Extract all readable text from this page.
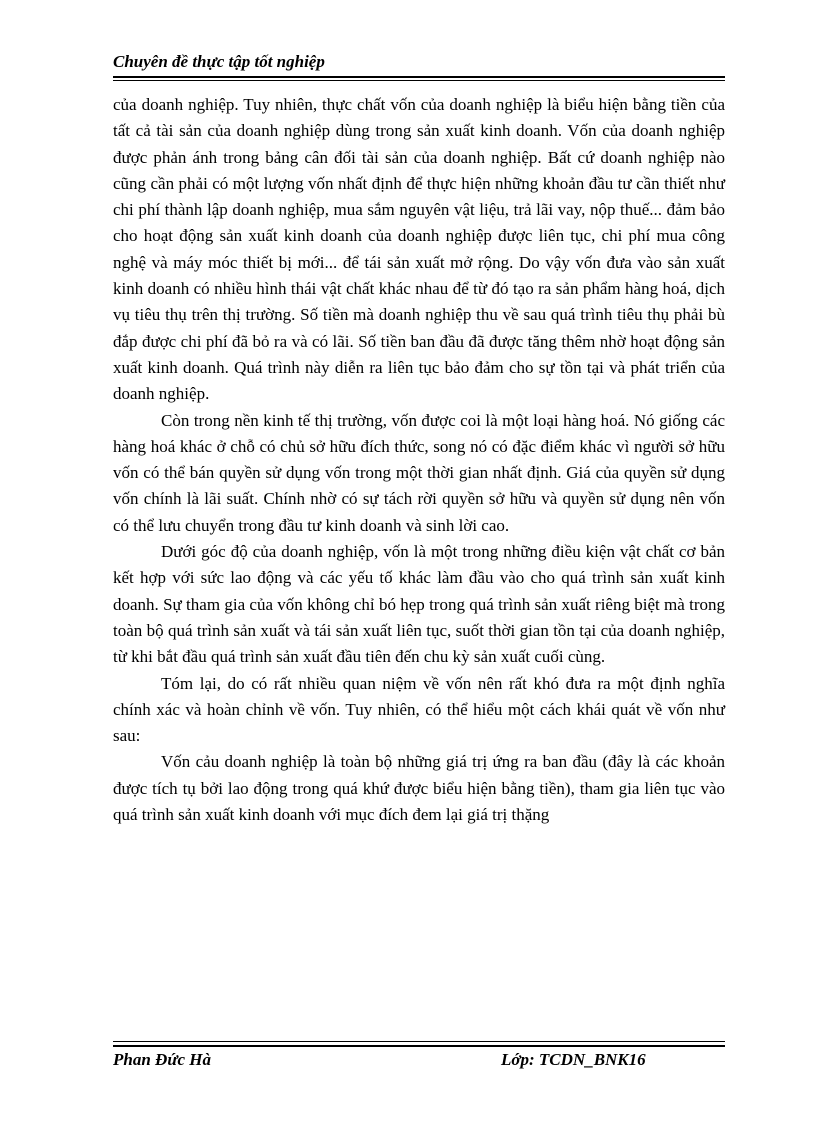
Chuyên đề thực tập tốt nghiệp

của doanh nghiệp. Tuy nhiên, thực chất vốn của doanh nghiệp là biểu hiện bằng tiền của tất cả tài sản của doanh nghiệp dùng trong sản xuất kinh doanh. Vốn của doanh nghiệp được phản ánh trong bảng cân đối tài sản của doanh nghiệp. Bất cứ doanh nghiệp nào cũng cần phải có một lượng vốn nhất định để thực hiện những khoản đầu tư cần thiết như chi phí thành lập doanh nghiệp, mua sắm nguyên vật liệu, trả lãi vay, nộp thuế... đảm bảo cho hoạt động sản xuất kinh doanh của doanh nghiệp được liên tục, chi phí mua công nghệ và máy móc thiết bị mới... để tái sản xuất mở rộng. Do vậy vốn đưa vào sản xuất kinh doanh có nhiều hình thái vật chất khác nhau để từ đó tạo ra sản phẩm hàng hoá, dịch vụ tiêu thụ trên thị trường. Số tiền mà doanh nghiệp thu về sau quá trình tiêu thụ phải bù đắp được chi phí đã bỏ ra và có lãi. Số tiền ban đầu đã được tăng thêm nhờ hoạt động sản xuất kinh doanh. Quá trình này diễn ra liên tục bảo đảm cho sự tồn tại và phát triển của doanh nghiệp.

Còn trong nền kinh tế thị trường, vốn được coi là một loại hàng hoá. Nó giống các hàng hoá khác ở chỗ có chủ sở hữu đích thức, song nó có đặc điểm khác vì người sở hữu vốn có thể bán quyền sử dụng vốn trong một thời gian nhất định. Giá của quyền sử dụng vốn chính là lãi suất. Chính nhờ có sự tách rời quyền sở hữu và quyền sử dụng nên vốn có thể lưu chuyển trong đầu tư kinh doanh và sinh lời cao.

Dưới góc độ của doanh nghiệp, vốn là một trong những điều kiện vật chất cơ bản kết hợp với sức lao động và các yếu tố khác làm đầu vào cho quá trình sản xuất kinh doanh. Sự tham gia của vốn không chỉ bó hẹp trong quá trình sản xuất riêng biệt mà trong toàn bộ quá trình sản xuất và tái sản xuất liên tục, suốt thời gian tồn tại của doanh nghiệp, từ khi bắt đầu quá trình sản xuất đầu tiên đến chu kỳ sản xuất cuối cùng.

Tóm lại, do có rất nhiều quan niệm về vốn nên rất khó đưa ra một định nghĩa chính xác và hoàn chỉnh về vốn. Tuy nhiên, có thể hiểu một cách khái quát về vốn như sau:

Vốn cảu doanh nghiệp là toàn bộ những giá trị ứng ra ban đầu (đây là các khoản được tích tụ bởi lao động trong quá khứ được biểu hiện bằng tiền), tham gia liên tục vào quá trình sản xuất kinh doanh với mục đích đem lại giá trị thặng

Phan Đức Hà	Lớp: TCDN_BNK16
